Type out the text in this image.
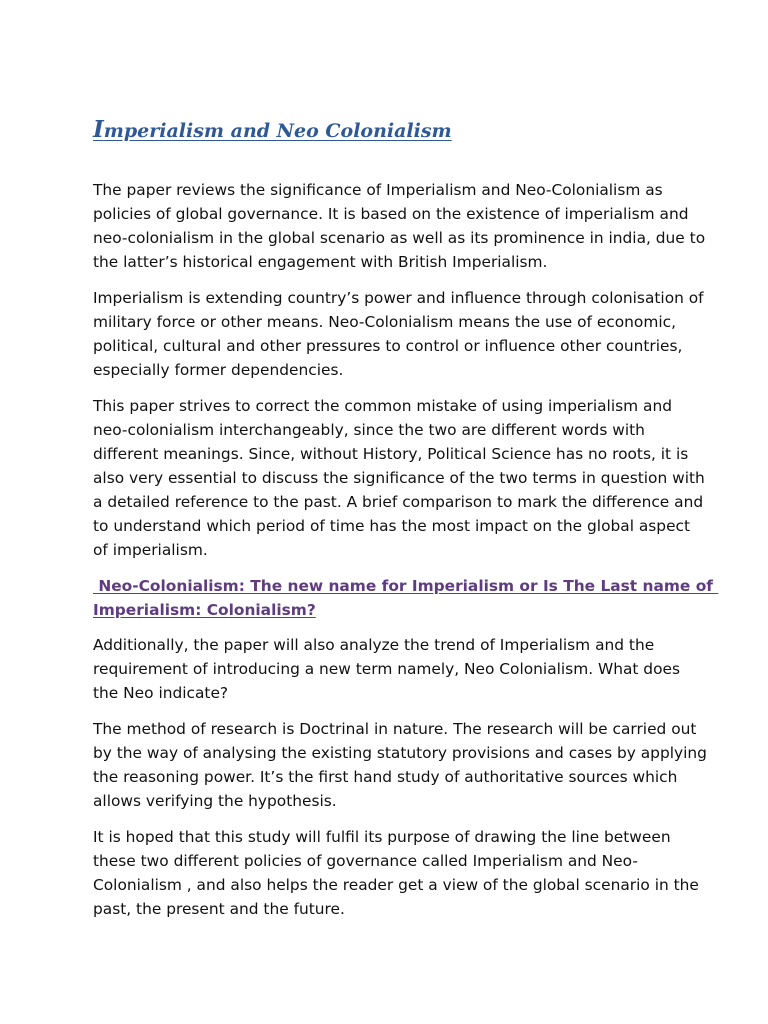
Imperialism and Neo Colonialism

The paper reviews the significance of Imperialism and Neo-Colonialism as
policies of global governance. It is based on the existence of imperialism and
neo-colonialism in the global scenario as well as its prominence in india, due to
the latter’s historical engagement with British Imperialism.

Imperialism is extending country’s power and influence through colonisation of
military force or other means. Neo-Colonialism means the use of economic,
political, cultural and other pressures to control or influence other countries,
especially former dependencies.

This paper strives to correct the common mistake of using imperialism and
neo-colonialism interchangeably, since the two are different words with
different meanings. Since, without History, Political Science has no roots, it is
also very essential to discuss the significance of the two terms in question with
a detailed reference to the past. A brief comparison to mark the difference and
to understand which period of time has the most impact on the global aspect
of imperialism.

Neo-Colonialism: The new name for Imperialism or Is The Last name of
Imperialism: Colonialism?

Additionally, the paper will also analyze the trend of Imperialism and the
requirement of introducing a new term namely, Neo Colonialism. What does
the Neo indicate?

The method of research is Doctrinal in nature. The research will be carried out
by the way of analysing the existing statutory provisions and cases by applying
the reasoning power. It’s the first hand study of authoritative sources which
allows verifying the hypothesis.

It is hoped that this study will fulfil its purpose of drawing the line between
these two different policies of governance called Imperialism and Neo-
Colonialism , and also helps the reader get a view of the global scenario in the
past, the present and the future.
